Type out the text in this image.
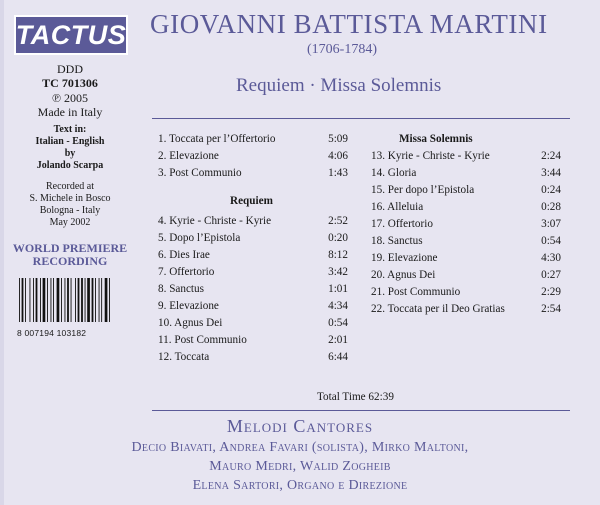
TACTUS
DDD
TC 701306
℗ 2005
Made in Italy
Text in:
Italian - English
by
Jolando Scarpa
Recorded at
S. Michele in Bosco
Bologna - Italy
May 2002
WORLD PREMIERE
RECORDING
8 007194 103182
GIOVANNI BATTISTA MARTINI
(1706-1784)
Requiem · Missa Solemnis
1. Toccata per l’Offertorio	5:09
2. Elevazione	4:06
3. Post Communio	1:43
Requiem
4. Kyrie - Christe - Kyrie	2:52
5. Dopo l’Epistola	0:20
6. Dies Irae	8:12
7. Offertorio	3:42
8. Sanctus	1:01
9. Elevazione	4:34
10. Agnus Dei	0:54
11. Post Communio	2:01
12. Toccata	6:44
Missa Solemnis
13. Kyrie - Christe - Kyrie	2:24
14. Gloria	3:44
15. Per dopo l’Epistola	0:24
16. Alleluia	0:28
17. Offertorio	3:07
18. Sanctus	0:54
19. Elevazione	4:30
20. Agnus Dei	0:27
21. Post Communio	2:29
22. Toccata per il Deo Gratias	2:54
Total Time 62:39
Melodi Cantores
Decio Biavati, Andrea Favari (solista), Mirko Maltoni,
Mauro Medri, Walid Zogheib
Elena Sartori, Organo e Direzione
